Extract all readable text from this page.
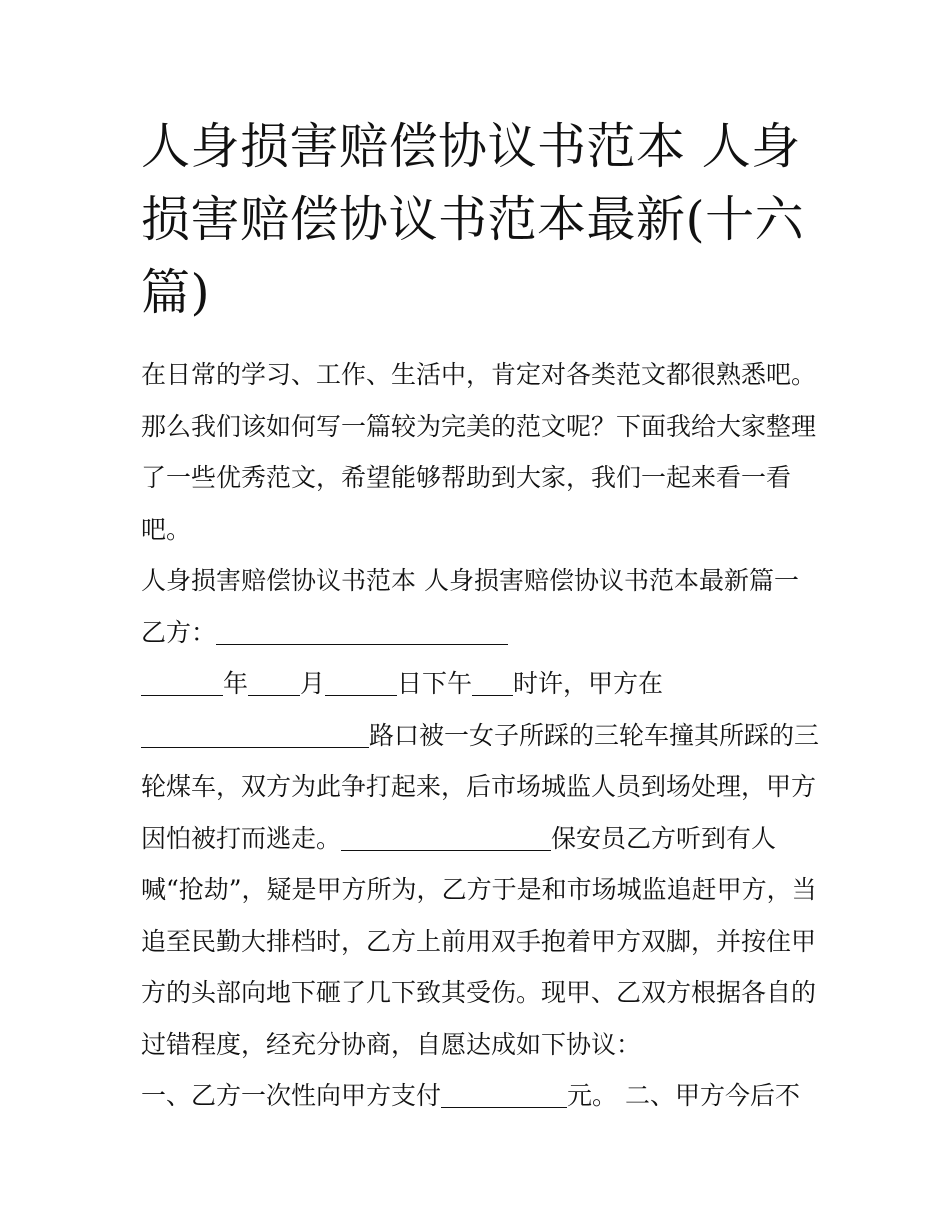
人身损害赔偿协议书范本 人身损害赔偿协议书范本最新(十六篇)

在日常的学习、工作、生活中，肯定对各类范文都很熟悉吧。那么我们该如何写一篇较为完美的范文呢？下面我给大家整理了一些优秀范文，希望能够帮助到大家，我们一起来看一看吧。

人身损害赔偿协议书范本 人身损害赔偿协议书范本最新篇一

乙方：

年 月	日下午 时许，甲方在路口被一女子所踩的三轮车撞其所踩的三轮煤车，双方为此争打起来，后市场城监人员到场处理，甲方因怕被打而逃走。	保安员乙方听到有人喊“抢劫”，疑是甲方所为，乙方于是和市场城监追赶甲方，当追至民勤大排档时，乙方上前用双手抱着甲方双脚，并按住甲方的头部向地下砸了几下致其受伤。现甲、乙双方根据各自的过错程度，经充分协商，自愿达成如下协议：

一、乙方一次性向甲方支付	元。 二、甲方今后不
